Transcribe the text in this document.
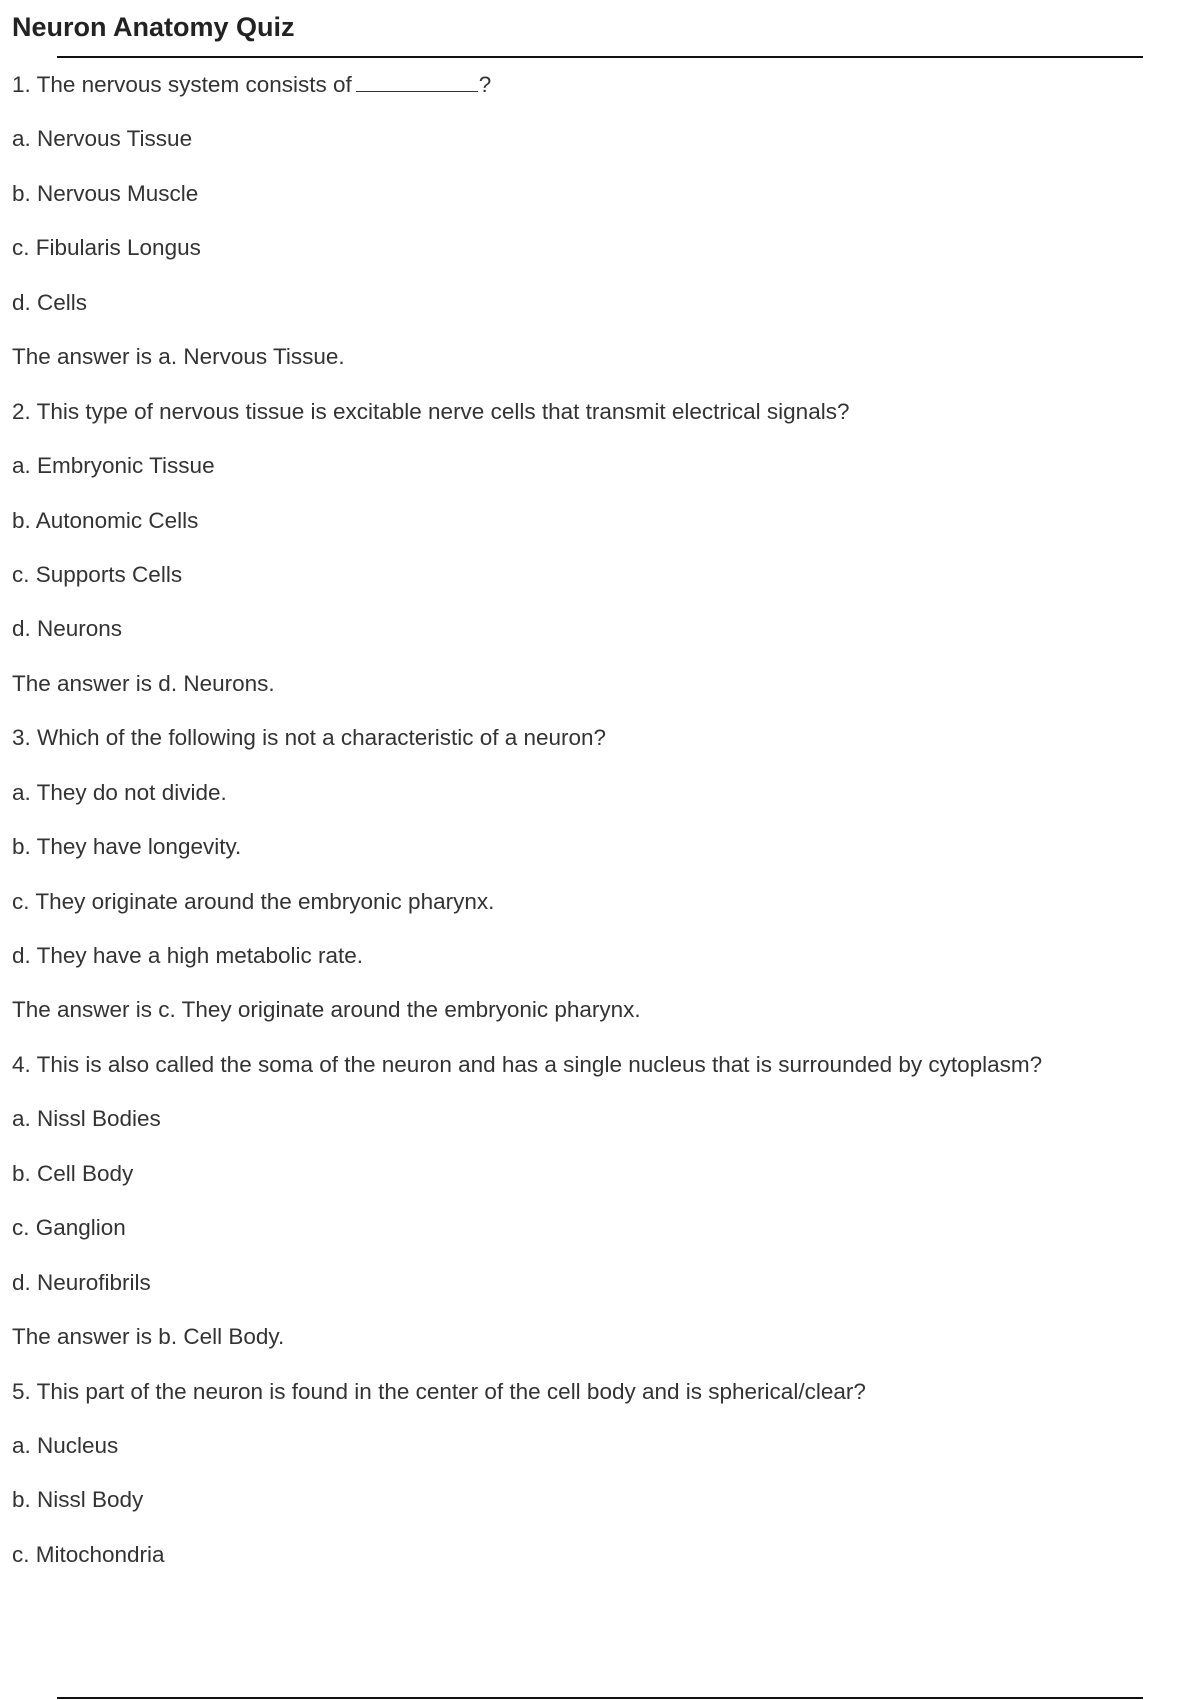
Neuron Anatomy Quiz
1. The nervous system consists of	?
a. Nervous Tissue
b. Nervous Muscle
c. Fibularis Longus
d. Cells
The answer is a. Nervous Tissue.
2. This type of nervous tissue is excitable nerve cells that transmit electrical signals?
a. Embryonic Tissue
b. Autonomic Cells
c. Supports Cells
d. Neurons
The answer is d. Neurons.
3. Which of the following is not a characteristic of a neuron?
a. They do not divide.
b. They have longevity.
c. They originate around the embryonic pharynx.
d. They have a high metabolic rate.
The answer is c. They originate around the embryonic pharynx.
4. This is also called the soma of the neuron and has a single nucleus that is surrounded by cytoplasm?
a. Nissl Bodies
b. Cell Body
c. Ganglion
d. Neurofibrils
The answer is b. Cell Body.
5. This part of the neuron is found in the center of the cell body and is spherical/clear?
a. Nucleus
b. Nissl Body
c. Mitochondria
